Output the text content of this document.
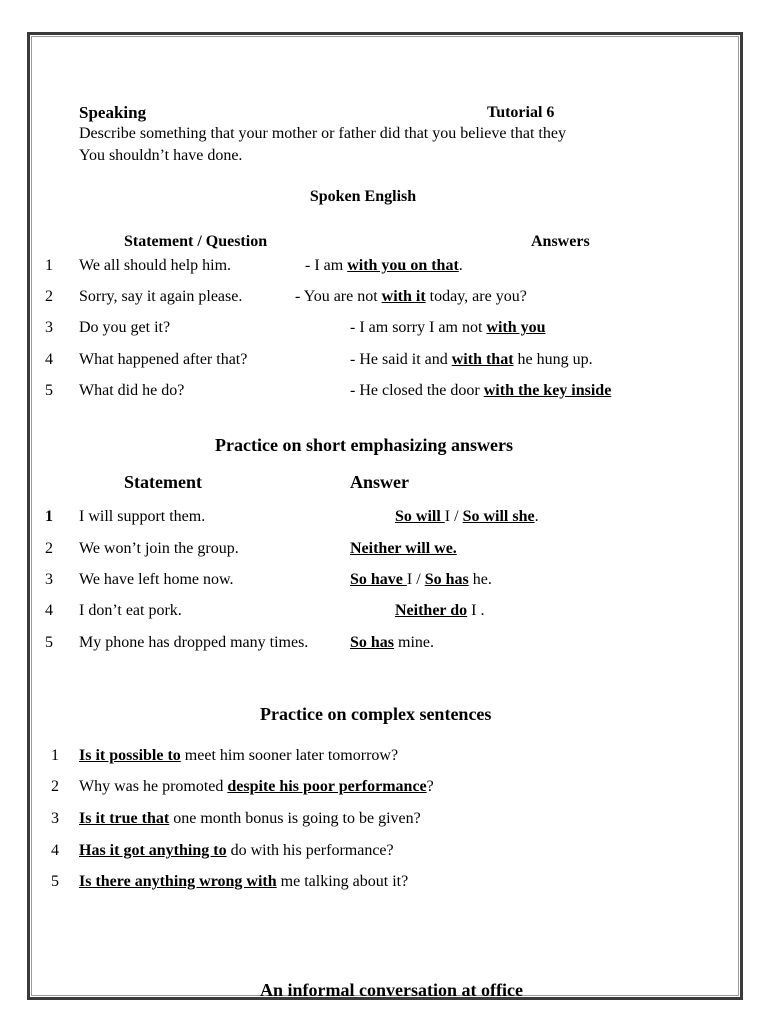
Speaking	Tutorial 6
Describe something that your mother or father did that you believe that they
You shouldn’t have done.
Spoken English
Statement / Question	Answers
1 We all should help him.	- I am with you on that.
2 Sorry, say it again please.	- You are not with it today, are you?
3 Do you get it?	- I am sorry I am not with you
4 What happened after that?	- He said it and with that he hung up.
5 What did he do?	- He closed the door with the key inside
Practice on short emphasizing answers
Statement	Answer
1 I will support them.	So will I / So will she.
2 We won’t join the group.	Neither will we.
3 We have left home now.	So have I / So has he.
4 I don’t eat pork.	Neither do I .
5 My phone has dropped many times.	So has mine.
Practice on complex sentences
1 Is it possible to meet him sooner later tomorrow?
2 Why was he promoted despite his poor performance?
3 Is it true that one month bonus is going to be given?
4 Has it got anything to do with his performance?
5 Is there anything wrong with me talking about it?
An informal conversation at office
